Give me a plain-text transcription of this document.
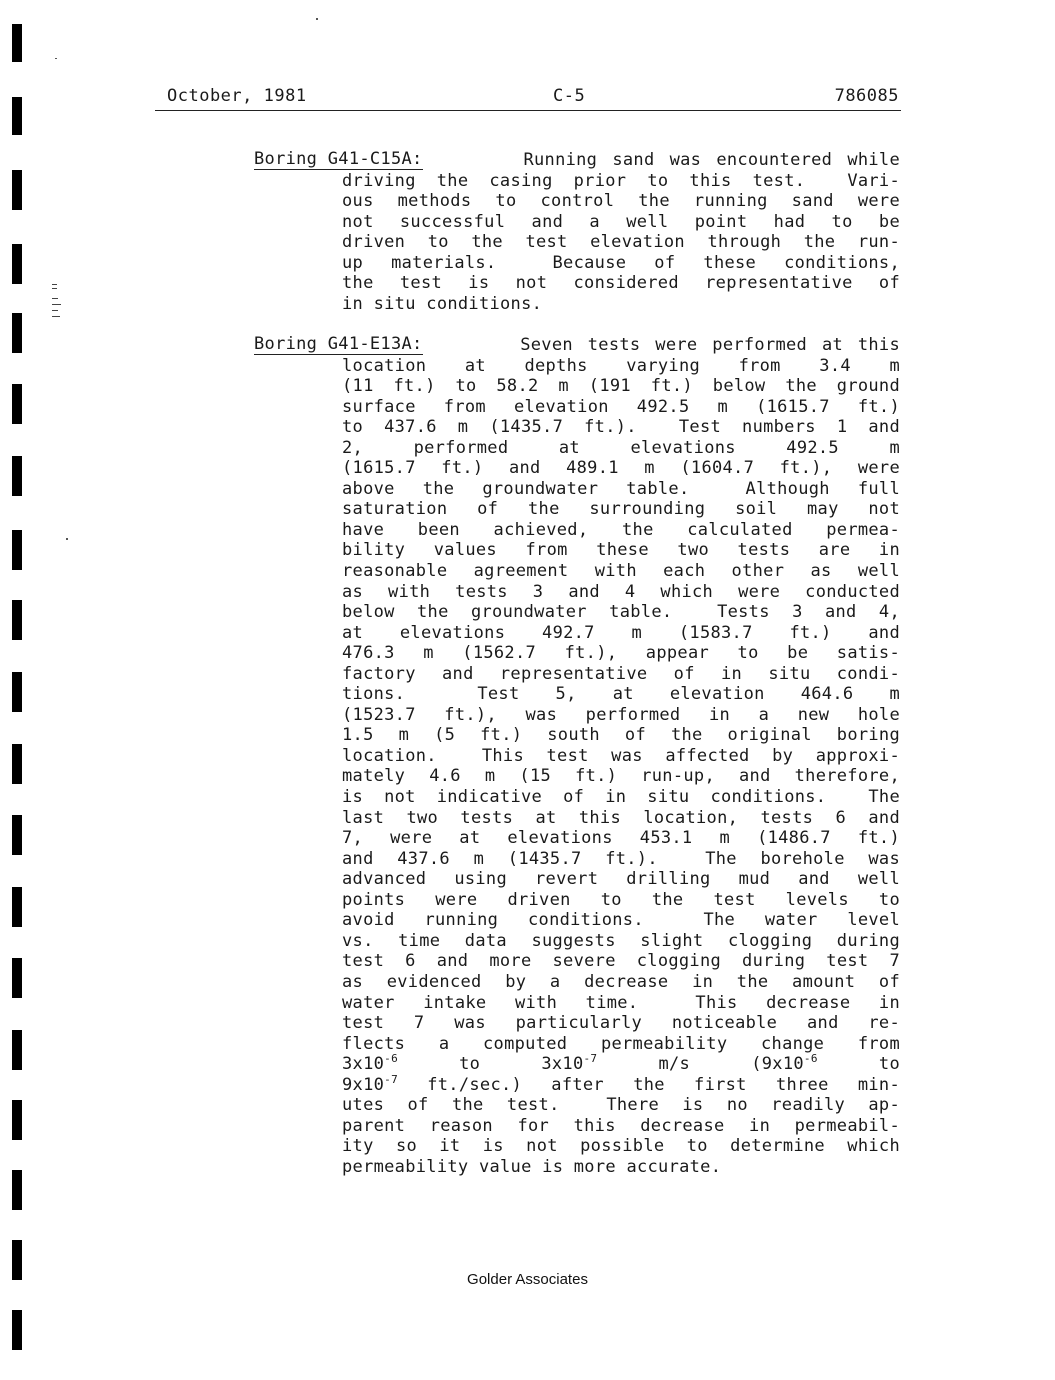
October, 1981	C-5	786085
Boring G41-C15A:	Running sand was encountered while
driving the casing prior to this test.  Vari-
ous methods to control the running sand were
not successful and a well point had to be
driven to the test elevation through the run-
up materials.  Because of these conditions,
the test is not considered representative of
in situ conditions.
Boring G41-E13A:	Seven tests were performed at this
location at depths varying from 3.4 m
(11 ft.) to 58.2 m (191 ft.) below the ground
surface from elevation 492.5 m (1615.7 ft.)
to 437.6 m (1435.7 ft.).  Test numbers 1 and
2, performed at elevations 492.5 m
(1615.7 ft.) and 489.1 m (1604.7 ft.), were
above the groundwater table.  Although full
saturation of the surrounding soil may not
have been achieved, the calculated permea-
bility values from these two tests are in
reasonable agreement with each other as well
as with tests 3 and 4 which were conducted
below the groundwater table.  Tests 3 and 4,
at elevations 492.7 m (1583.7 ft.) and
476.3 m (1562.7 ft.), appear to be satis-
factory and representative of in situ condi-
tions.  Test 5, at elevation 464.6 m
(1523.7 ft.), was performed in a new hole
1.5 m (5 ft.) south of the original boring
location.  This test was affected by approxi-
mately 4.6 m (15 ft.) run-up, and therefore,
is not indicative of in situ conditions.  The
last two tests at this location, tests 6 and
7, were at elevations 453.1 m (1486.7 ft.)
and 437.6 m (1435.7 ft.).  The borehole was
advanced using revert drilling mud and well
points were driven to the test levels to
avoid running conditions.  The water level
vs. time data suggests slight clogging during
test 6 and more severe clogging during test 7
as evidenced by a decrease in the amount of
water intake with time.  This decrease in
test 7 was particularly noticeable and re-
flects a computed permeability change from
$3x10^{-6}$	to	$3x10^{-7}$ m/s	($9x10^{-6}$	to
$9x10^{-7}$ ft./sec.) after the first three min-
utes of the test.  There is no readily ap-
parent reason for this decrease in permeabil-
ity so it is not possible to determine which
permeability value is more accurate.
Golder Associates
